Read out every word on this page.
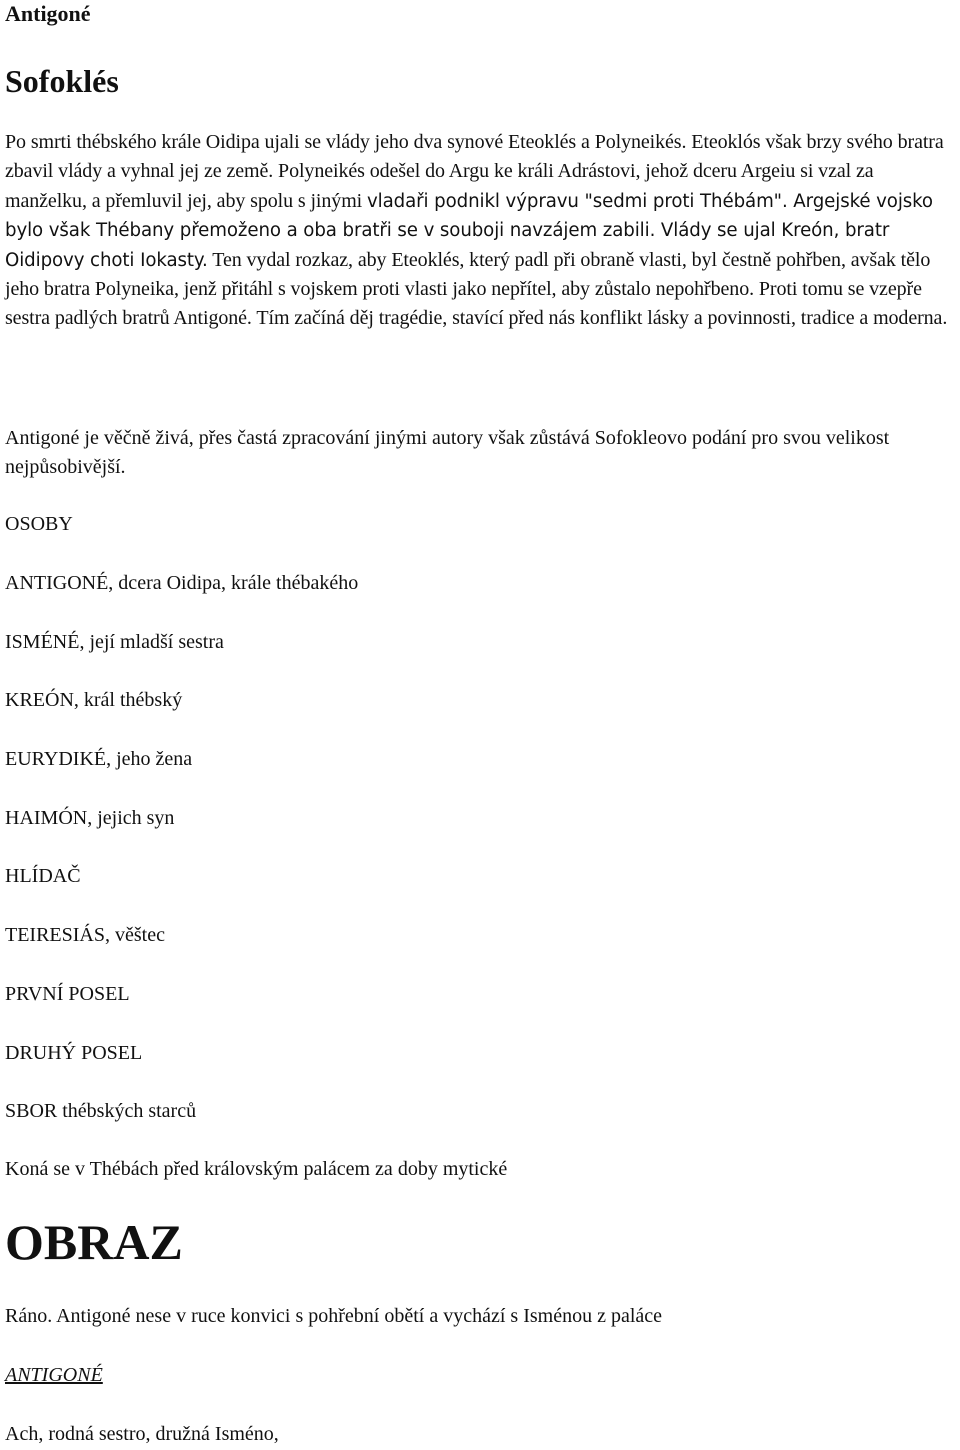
Antigoné
Sofoklés

Po smrti thébského krále Oidipa ujali se vlády jeho dva synové Eteoklés a Polyneikés. Eteoklós však brzy svého bratra zbavil vlády a vyhnal jej ze země. Polyneikés odešel do Argu ke králi Adrástovi, jehož dceru Argeiu si vzal za manželku, a přemluvil jej, aby spolu s jinými vladaři podnikl výpravu "sedmi proti Thébám". Argejské vojsko bylo však Thébany přemoženo a oba bratři se v souboji navzájem zabili. Vlády se ujal Kreón, bratr Oidipovy choti Iokasty. Ten vydal rozkaz, aby Eteoklés, který padl při obraně vlasti, byl čestně pohřben, avšak tělo jeho bratra Polyneika, jenž přitáhl s vojskem proti vlasti jako nepřítel, aby zůstalo nepohřbeno. Proti tomu se vzepře sestra padlých bratrů Antigoné. Tím začíná děj tragédie, stavící před nás konflikt lásky a povinnosti, tradice a moderna.

Antigoné je věčně živá, přes častá zpracování jinými autory však zůstává Sofokleovo podání pro svou velikost nejpůsobivější.

OSOBY

ANTIGONÉ, dcera Oidipa, krále thébakého

ISMÉNÉ, její mladší sestra

KREÓN, král thébský

EURYDIKÉ, jeho žena

HAIMÓN, jejich syn

HLÍDAČ

TEIRESIÁS, věštec

PRVNÍ POSEL

DRUHÝ POSEL

SBOR thébských starců

Koná se v Thébách před královským palácem za doby mytické

OBRAZ

Ráno. Antigoné nese v ruce konvici s pohřební obětí a vychází s Isménou z paláce

ANTIGONÉ

Ach, rodná sestro, družná Isméno,
